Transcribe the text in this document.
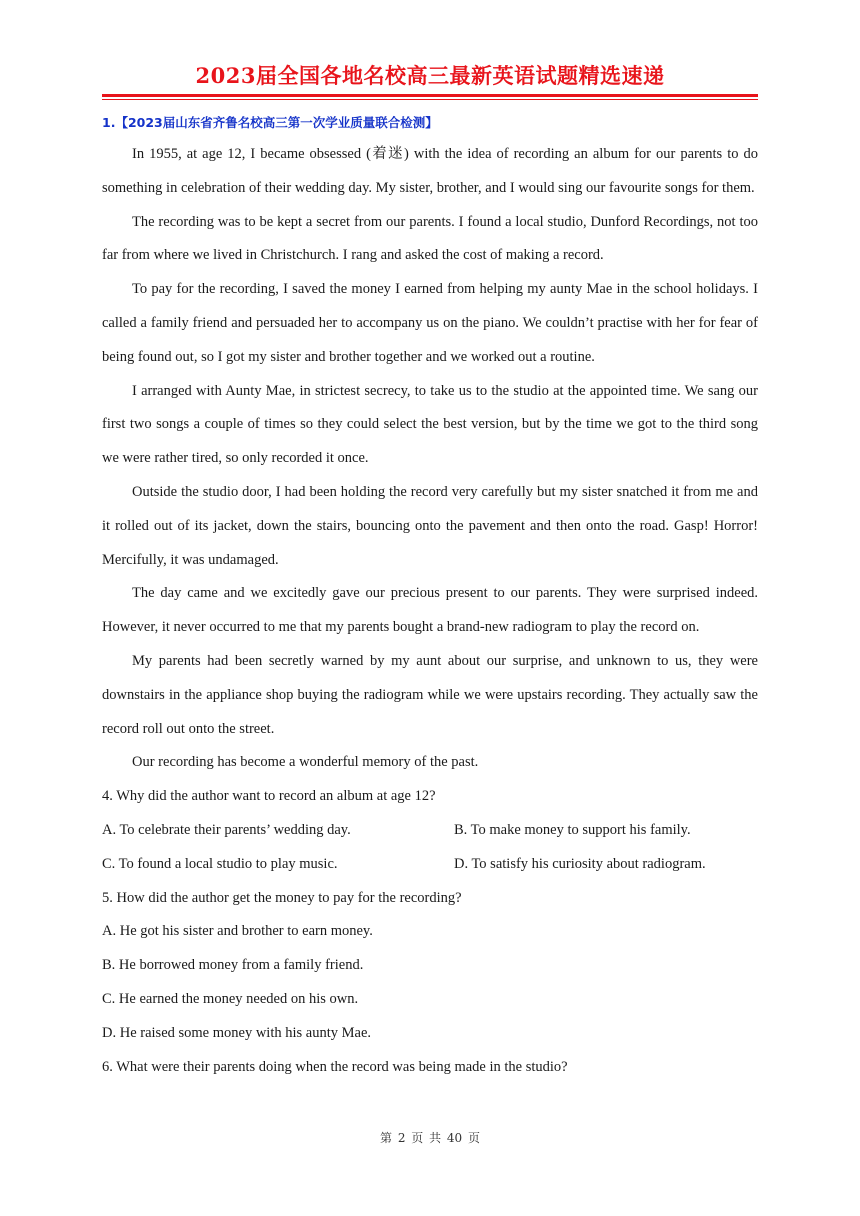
2023届全国各地名校高三最新英语试题精选速递
1.【2023届山东省齐鲁名校高三第一次学业质量联合检测】

In 1955, at age 12, I became obsessed (着迷) with the idea of recording an album for our parents to do something in celebration of their wedding day. My sister, brother, and I would sing our favourite songs for them.

The recording was to be kept a secret from our parents. I found a local studio, Dunford Recordings, not too far from where we lived in Christchurch. I rang and asked the cost of making a record.

To pay for the recording, I saved the money I earned from helping my aunty Mae in the school holidays. I called a family friend and persuaded her to accompany us on the piano. We couldn’t practise with her for fear of being found out, so I got my sister and brother together and we worked out a routine.

I arranged with Aunty Mae, in strictest secrecy, to take us to the studio at the appointed time. We sang our first two songs a couple of times so they could select the best version, but by the time we got to the third song we were rather tired, so only recorded it once.

Outside the studio door, I had been holding the record very carefully but my sister snatched it from me and it rolled out of its jacket, down the stairs, bouncing onto the pavement and then onto the road. Gasp! Horror! Mercifully, it was undamaged.

The day came and we excitedly gave our precious present to our parents. They were surprised indeed. However, it never occurred to me that my parents bought a brand-new radiogram to play the record on.

My parents had been secretly warned by my aunt about our surprise, and unknown to us, they were downstairs in the appliance shop buying the radiogram while we were upstairs recording. They actually saw the record roll out onto the street.

Our recording has become a wonderful memory of the past.

4. Why did the author want to record an album at age 12?
A. To celebrate their parents’ wedding day.	B. To make money to support his family.
C. To found a local studio to play music.	D. To satisfy his curiosity about radiogram.
5. How did the author get the money to pay for the recording?
A. He got his sister and brother to earn money.
B. He borrowed money from a family friend.
C. He earned the money needed on his own.
D. He raised some money with his aunty Mae.
6. What were their parents doing when the record was being made in the studio?
第 2 页 共 40 页
